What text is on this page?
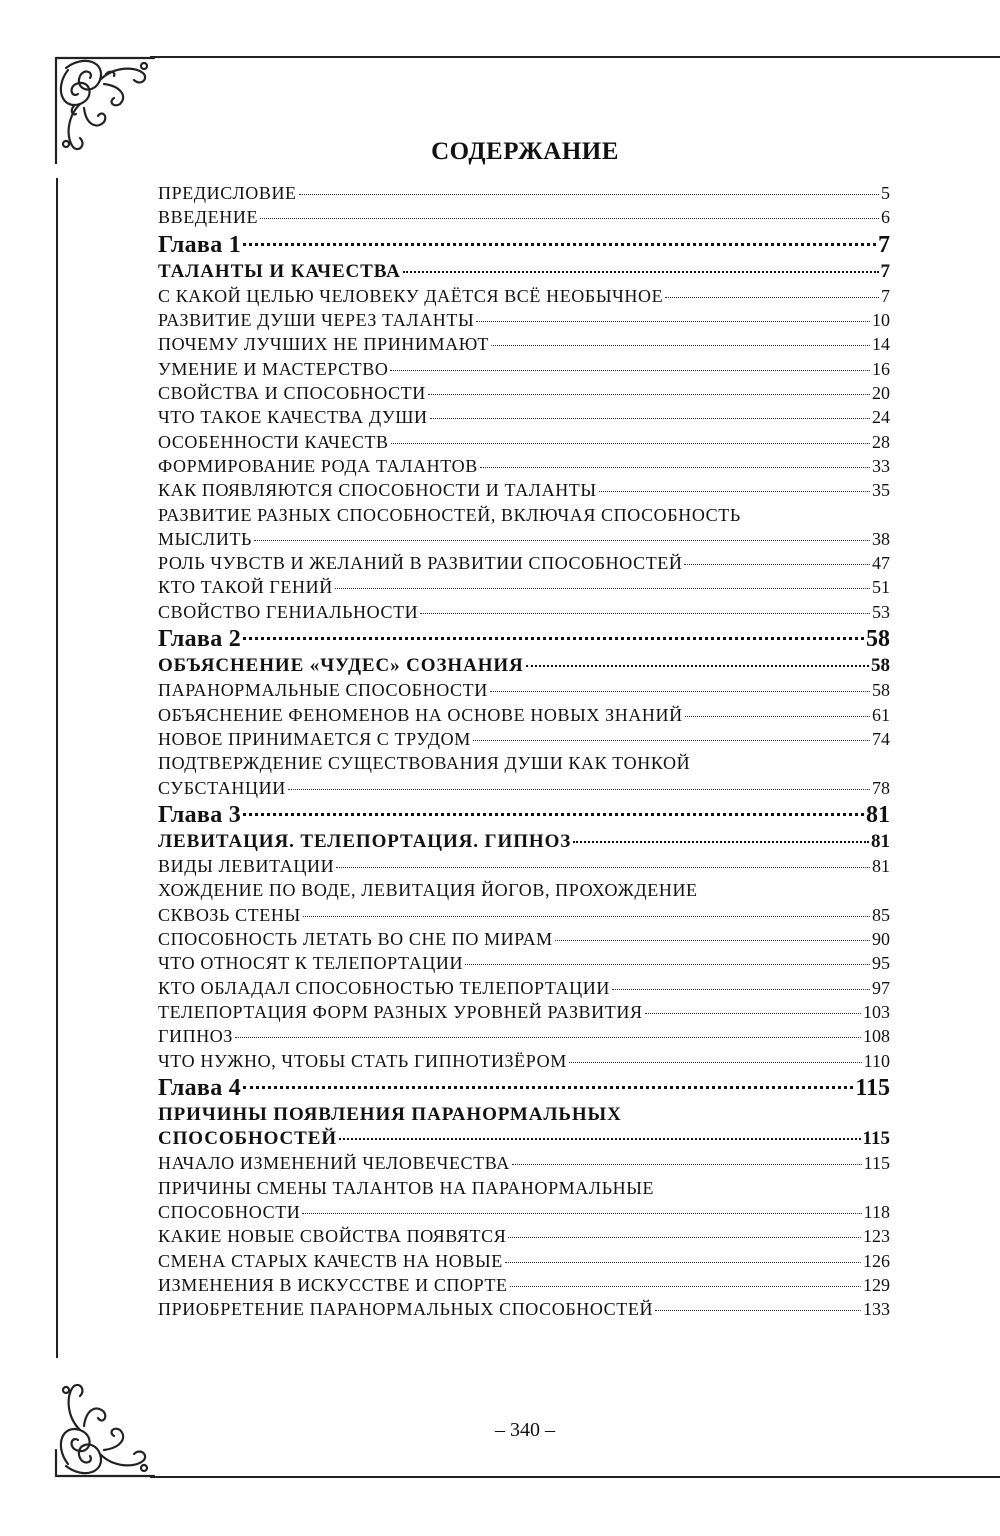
СОДЕРЖАНИЕ
ПРЕДИСЛОВИЕ	5
ВВЕДЕНИЕ	6
Глава 1	7
ТАЛАНТЫ И КАЧЕСТВА	7
С КАКОЙ ЦЕЛЬЮ ЧЕЛОВЕКУ ДАЁТСЯ ВСЁ НЕОБЫЧНОЕ	7
РАЗВИТИЕ ДУШИ ЧЕРЕЗ ТАЛАНТЫ	10
ПОЧЕМУ ЛУЧШИХ НЕ ПРИНИМАЮТ	14
УМЕНИЕ И МАСТЕРСТВО	16
СВОЙСТВА И СПОСОБНОСТИ	20
ЧТО ТАКОЕ КАЧЕСТВА ДУШИ	24
ОСОБЕННОСТИ КАЧЕСТВ	28
ФОРМИРОВАНИЕ РОДА ТАЛАНТОВ	33
КАК ПОЯВЛЯЮТСЯ СПОСОБНОСТИ И ТАЛАНТЫ	35
РАЗВИТИЕ РАЗНЫХ СПОСОБНОСТЕЙ, ВКЛЮЧАЯ СПОСОБНОСТЬ
МЫСЛИТЬ	38
РОЛЬ ЧУВСТВ И ЖЕЛАНИЙ В РАЗВИТИИ СПОСОБНОСТЕЙ	47
КТО ТАКОЙ ГЕНИЙ	51
СВОЙСТВО ГЕНИАЛЬНОСТИ	53
Глава 2	58
ОБЪЯСНЕНИЕ «ЧУДЕС» СОЗНАНИЯ	58
ПАРАНОРМАЛЬНЫЕ СПОСОБНОСТИ	58
ОБЪЯСНЕНИЕ ФЕНОМЕНОВ НА ОСНОВЕ НОВЫХ ЗНАНИЙ	61
НОВОЕ ПРИНИМАЕТСЯ С ТРУДОМ	74
ПОДТВЕРЖДЕНИЕ СУЩЕСТВОВАНИЯ ДУШИ КАК ТОНКОЙ
СУБСТАНЦИИ	78
Глава 3	81
ЛЕВИТАЦИЯ. ТЕЛЕПОРТАЦИЯ. ГИПНОЗ	81
ВИДЫ ЛЕВИТАЦИИ	81
ХОЖДЕНИЕ ПО ВОДЕ, ЛЕВИТАЦИЯ ЙОГОВ, ПРОХОЖДЕНИЕ
СКВОЗЬ СТЕНЫ	85
СПОСОБНОСТЬ ЛЕТАТЬ ВО СНЕ ПО МИРАМ	90
ЧТО ОТНОСЯТ К ТЕЛЕПОРТАЦИИ	95
КТО ОБЛАДАЛ СПОСОБНОСТЬЮ ТЕЛЕПОРТАЦИИ	97
ТЕЛЕПОРТАЦИЯ ФОРМ РАЗНЫХ УРОВНЕЙ РАЗВИТИЯ	103
ГИПНОЗ	108
ЧТО НУЖНО, ЧТОБЫ СТАТЬ ГИПНОТИЗЁРОМ	110
Глава 4	115
ПРИЧИНЫ ПОЯВЛЕНИЯ ПАРАНОРМАЛЬНЫХ
СПОСОБНОСТЕЙ	115
НАЧАЛО ИЗМЕНЕНИЙ ЧЕЛОВЕЧЕСТВА	115
ПРИЧИНЫ СМЕНЫ ТАЛАНТОВ НА ПАРАНОРМАЛЬНЫЕ
СПОСОБНОСТИ	118
КАКИЕ НОВЫЕ СВОЙСТВА ПОЯВЯТСЯ	123
СМЕНА СТАРЫХ КАЧЕСТВ НА НОВЫЕ	126
ИЗМЕНЕНИЯ В ИСКУССТВЕ И СПОРТЕ	129
ПРИОБРЕТЕНИЕ ПАРАНОРМАЛЬНЫХ СПОСОБНОСТЕЙ	133
– 340 –
